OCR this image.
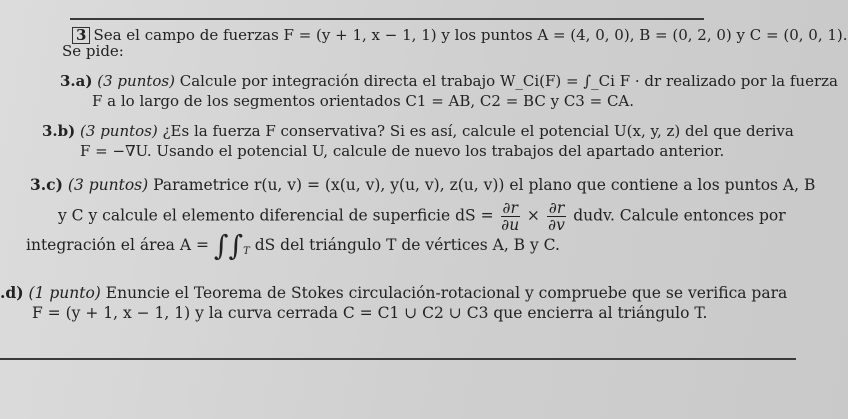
3 Sea el campo de fuerzas F = (y + 1, x − 1, 1) y los puntos A = (4, 0, 0), B = (0, 2, 0) y C = (0, 0, 1).
Se pide:
3.a) (3 puntos) Calcule por integración directa el trabajo W_Ci(F) = ∫_Ci F · dr realizado por la fuerza
F a lo largo de los segmentos orientados C1 = AB, C2 = BC y C3 = CA.
3.b) (3 puntos) ¿Es la fuerza F conservativa? Si es así, calcule el potencial U(x, y, z) del que deriva
F = −∇U. Usando el potencial U, calcule de nuevo los trabajos del apartado anterior.
3.c) (3 puntos) Parametrice r(u, v) = (x(u, v), y(u, v), z(u, v)) el plano que contiene a los puntos A, B
y C y calcule el elemento diferencial de superficie dS = $\frac{\partial r}{\partial u} \times \frac{\partial r}{\partial v}$ dudv. Calcule entonces por
integración el área $A = \int\int_T$ dS del triángulo T de vértices A, B y C.
.d) (1 punto) Enuncie el Teorema de Stokes circulación-rotacional y compruebe que se verifica para
F = (y + 1, x − 1, 1) y la curva cerrada C = C1 ∪ C2 ∪ C3 que encierra al triángulo T.
